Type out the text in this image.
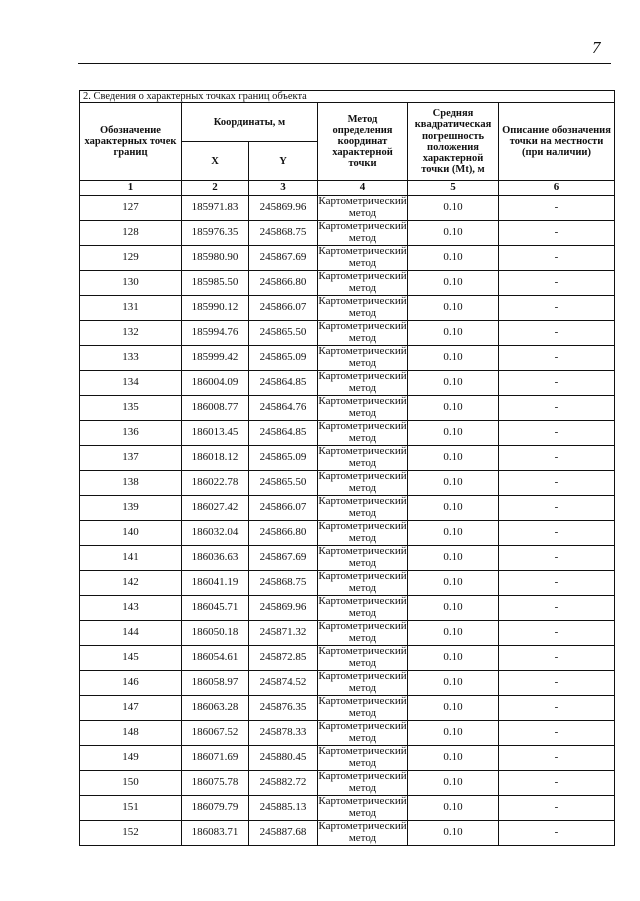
7
2. Сведения о характерных точках границ объекта					
Обозначение характерных точек границ	Координаты, м		Метод определения координат характерной точки	Средняя квадратическая погрешность положения характерной точки (Mt), м	Описание обозначения точки на местности (при наличии)
	X	Y			
1	2	3	4	5	6
127	185971.83	245869.96	Картометрический метод	0.10	-
128	185976.35	245868.75	Картометрический метод	0.10	-
129	185980.90	245867.69	Картометрический метод	0.10	-
130	185985.50	245866.80	Картометрический метод	0.10	-
131	185990.12	245866.07	Картометрический метод	0.10	-
132	185994.76	245865.50	Картометрический метод	0.10	-
133	185999.42	245865.09	Картометрический метод	0.10	-
134	186004.09	245864.85	Картометрический метод	0.10	-
135	186008.77	245864.76	Картометрический метод	0.10	-
136	186013.45	245864.85	Картометрический метод	0.10	-
137	186018.12	245865.09	Картометрический метод	0.10	-
138	186022.78	245865.50	Картометрический метод	0.10	-
139	186027.42	245866.07	Картометрический метод	0.10	-
140	186032.04	245866.80	Картометрический метод	0.10	-
141	186036.63	245867.69	Картометрический метод	0.10	-
142	186041.19	245868.75	Картометрический метод	0.10	-
143	186045.71	245869.96	Картометрический метод	0.10	-
144	186050.18	245871.32	Картометрический метод	0.10	-
145	186054.61	245872.85	Картометрический метод	0.10	-
146	186058.97	245874.52	Картометрический метод	0.10	-
147	186063.28	245876.35	Картометрический метод	0.10	-
148	186067.52	245878.33	Картометрический метод	0.10	-
149	186071.69	245880.45	Картометрический метод	0.10	-
150	186075.78	245882.72	Картометрический метод	0.10	-
151	186079.79	245885.13	Картометрический метод	0.10	-
152	186083.71	245887.68	Картометрический метод	0.10	-
